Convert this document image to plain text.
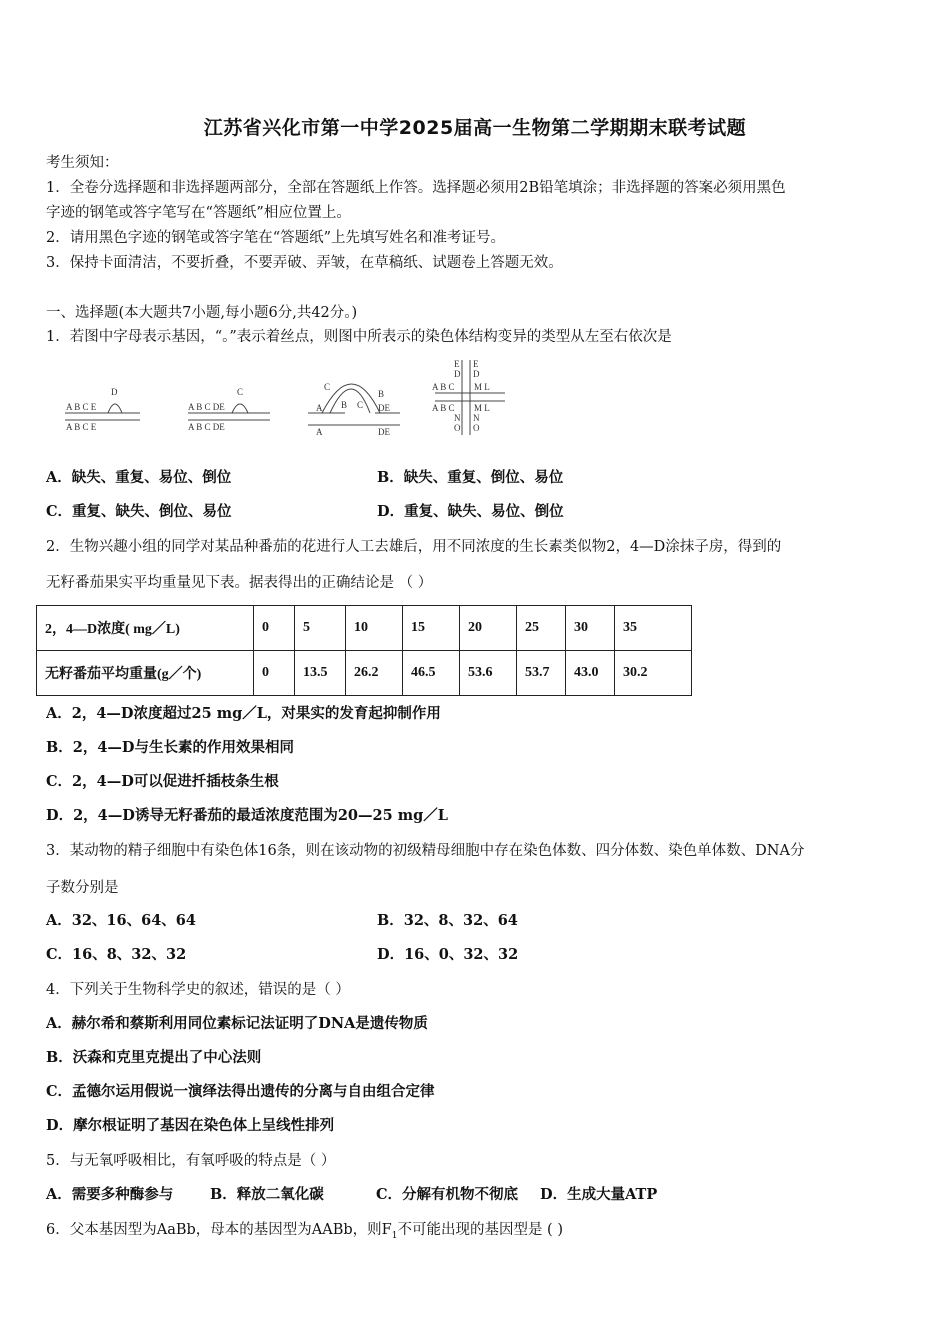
江苏省兴化市第一中学2025届高一生物第二学期期末联考试题
考生须知：
1．全卷分选择题和非选择题两部分，全部在答题纸上作答。选择题必须用2B铅笔填涂；非选择题的答案必须用黑色
字迹的钢笔或答字笔写在“答题纸”相应位置上。
2．请用黑色字迹的钢笔或答字笔在“答题纸”上先填写姓名和准考证号。
3．保持卡面清洁，不要折叠，不要弄破、弄皱，在草稿纸、试题卷上答题无效。
一、选择题(本大题共7小题,每小题6分,共42分。)
1．若图中字母表示基因，“。”表示着丝点，则图中所表示的染色体结构变异的类型从左至右依次是
A B C E
A B C E
D
A B C DE
A B C DE
C
A
C
B C
B
DE
A	DE
E
D
A B C M L
E
D
A B C M L
N
O
N
O
A．缺失、重复、易位、倒位	B．缺失、重复、倒位、易位
C．重复、缺失、倒位、易位	D．重复、缺失、易位、倒位
2．生物兴趣小组的同学对某品种番茄的花进行人工去雄后，用不同浓度的生长素类似物2，4—D涂抹子房，得到的
无籽番茄果实平均重量见下表。据表得出的正确结论是 （ ）
2，4—D浓度( mg／L)	0	5	10	15	20	25	30	35
无籽番茄平均重量(g／个)	0	13.5	26.2	46.5	53.6	53.7	43.0	30.2
A．2，4—D浓度超过25 mg／L，对果实的发育起抑制作用
B．2，4—D与生长素的作用效果相同
C．2，4—D可以促进扦插枝条生根
D．2，4—D诱导无籽番茄的最适浓度范围为20—25 mg／L
3．某动物的精子细胞中有染色体16条，则在该动物的初级精母细胞中存在染色体数、四分体数、染色单体数、DNA分
子数分别是
A．32、16、64、64	B．32、8、32、64
C．16、8、32、32	D．16、0、32、32
4．下列关于生物科学史的叙述，错误的是（ ）
A．赫尔希和蔡斯利用同位素标记法证明了DNA是遗传物质
B．沃森和克里克提出了中心法则
C．孟德尔运用假说一演绎法得出遗传的分离与自由组合定律
D．摩尔根证明了基因在染色体上呈线性排列
5．与无氧呼吸相比，有氧呼吸的特点是（ ）
A．需要多种酶参与	B．释放二氧化碳	C．分解有机物不彻底 D．生成大量ATP
6．父本基因型为AaBb，母本的基因型为AABb，则$F_1$不可能出现的基因型是 ( )
